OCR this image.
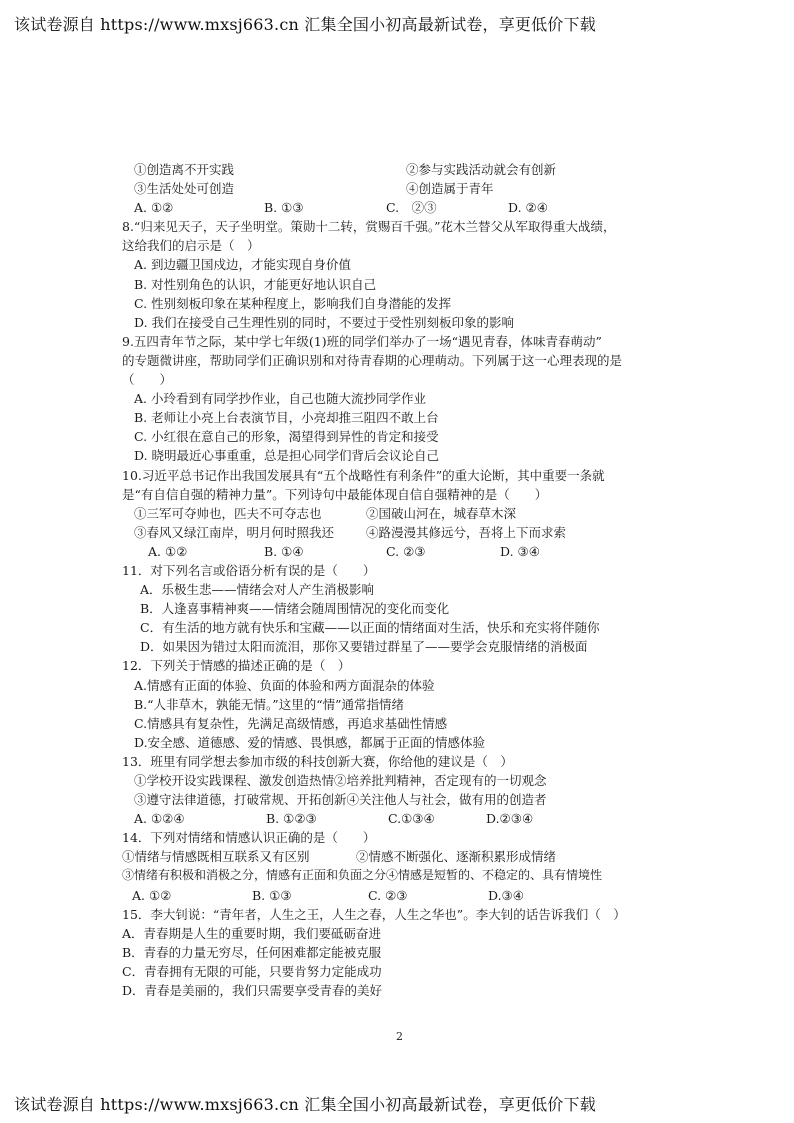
该试卷源自 https://www.mxsj663.cn 汇集全国小初高最新试卷，享更低价下载
①创造离不开实践	②参与实践活动就会有创新
③生活处处可创造	④创造属于青年
A. ①②	B. ①③	C.　②③	D. ②④
8.“归来见天子，天子坐明堂。策勋十二转，赏赐百千强。”花木兰替父从军取得重大战绩，
这给我们的启示是（　）
A. 到边疆卫国戍边，才能实现自身价值
B. 对性别角色的认识，才能更好地认识自己
C. 性别刻板印象在某种程度上，影响我们自身潜能的发挥
D. 我们在接受自己生理性别的同时，不要过于受性别刻板印象的影响
9.五四青年节之际，某中学七年级(1)班的同学们举办了一场“遇见青春，体味青春萌动”
的专题微讲座，帮助同学们正确识别和对待青春期的心理萌动。下列属于这一心理表现的是
（　　）
A. 小玲看到有同学抄作业，自己也随大流抄同学作业
B. 老师让小亮上台表演节目，小亮却推三阻四不敢上台
C. 小红很在意自己的形象，渴望得到异性的肯定和接受
D. 晓明最近心事重重，总是担心同学们背后会议论自己
10.习近平总书记作出我国发展具有“五个战略性有利条件”的重大论断，其中重要一条就
是“有自信自强的精神力量”。下列诗句中最能体现自信自强精神的是（　　）
①三军可夺帅也，匹夫不可夺志也	②国破山河在，城春草木深
③春风又绿江南岸，明月何时照我还	④路漫漫其修远兮，吾将上下而求索
A. ①②	B. ①④	C. ②③	D. ③④
11．对下列名言或俗语分析有误的是（　　）
A．乐极生悲——情绪会对人产生消极影响
B．人逢喜事精神爽——情绪会随周围情况的变化而变化
C．有生活的地方就有快乐和宝藏——以正面的情绪面对生活，快乐和充实将伴随你
D．如果因为错过太阳而流泪，那你又要错过群星了——要学会克服情绪的消极面
12．下列关于情感的描述正确的是（　）
A.情感有正面的体验、负面的体验和两方面混杂的体验
B.“人非草木，孰能无情。”这里的“情”通常指情绪
C.情感具有复杂性，先满足高级情感，再追求基础性情感
D.安全感、道德感、爱的情感、畏惧感，都属于正面的情感体验
13．班里有同学想去参加市级的科技创新大赛，你给他的建议是（　）
①学校开设实践课程、激发创造热情②培养批判精神，否定现有的一切观念
③遵守法律道德，打破常规、开拓创新④关注他人与社会，做有用的创造者
A. ①②④	B. ①②③	C.①③④	D.②③④
14．下列对情绪和情感认识正确的是（　　）
①情绪与情感既相互联系又有区别	②情感不断强化、逐渐积累形成情绪
③情绪有积极和消极之分，情感有正面和负面之分④情感是短暂的、不稳定的、具有情境性
A. ①②	B. ①③	C. ②③	D.③④
15．李大钊说：“青年者，人生之王，人生之春，人生之华也”。李大钊的话告诉我们（　）
A．青春期是人生的重要时期，我们要砥砺奋进
B．青春的力量无穷尽，任何困难都定能被克服
C．青春拥有无限的可能，只要肯努力定能成功
D．青春是美丽的，我们只需要享受青春的美好
2
该试卷源自 https://www.mxsj663.cn 汇集全国小初高最新试卷，享更低价下载
